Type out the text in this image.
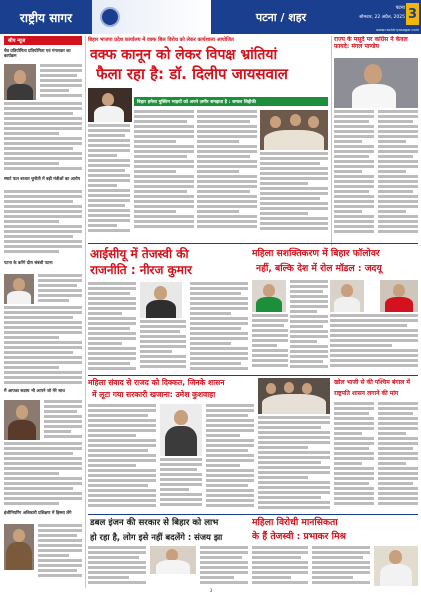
राष्ट्रीय सागर	पटना / शहर
पटना
सोमवार, 22 अप्रैल, 2025 3
www.rashtriyasagar.com
सीप न्यूज
चैत्र प्रतियोगिता प्रतियोगिता एवं मंगलवार का कार्यक्रम
स्मार्ट फल बाजार चुनौती में बड़ी मंत्रीओं का आरोप
पटना के करेंगे दौरा संबंधी पटना
मैं आपका सदस्य भी आपने जो मेरे साथ
इंजीनियरिंग अधिकारी प्रशिक्षण में हिस्सा लेंगे
बिहार भाजपा प्रदेश कार्यालय में वक्फ बिल विरोध को लेकर कार्यशाला आयोजित
वक्फ कानून को लेकर विपक्ष भ्रांतियां
फैला रहा है: डॉ. दिलीप जायसवाल
बिहार हमेशा मुस्लिम भाइयों को अपने ज़मीर समझता है : जमाल सिद्दीकी
राज्य के मसूदे पर कांग्रेस ने केवल फ़ायदे: मंगल पाण्डेय
आईसीयू में तेजस्वी की
राजनीति : नीरज कुमार
महिला सशक्तिकरण में बिहार फॉलोवर
नहीं, बल्कि देश में रोल मॉडल : जदयू
महिला संवाद से राजद को दिक्कत, जिनके शासन
में लूटा गया सरकारी खजाना: उमेश कुशवाहा
खोल भाजी से की पश्चिम बंगाल में
राष्ट्रपति शासन लगाने की मांग
डबल इंजन की सरकार से बिहार को लाभ
हो रहा है, लोग इसे नहीं बदलेंगे : संजय झा
महिला विरोधी मानसिकता
के हैं तेजस्वी : प्रभाकर मिश्र
3
